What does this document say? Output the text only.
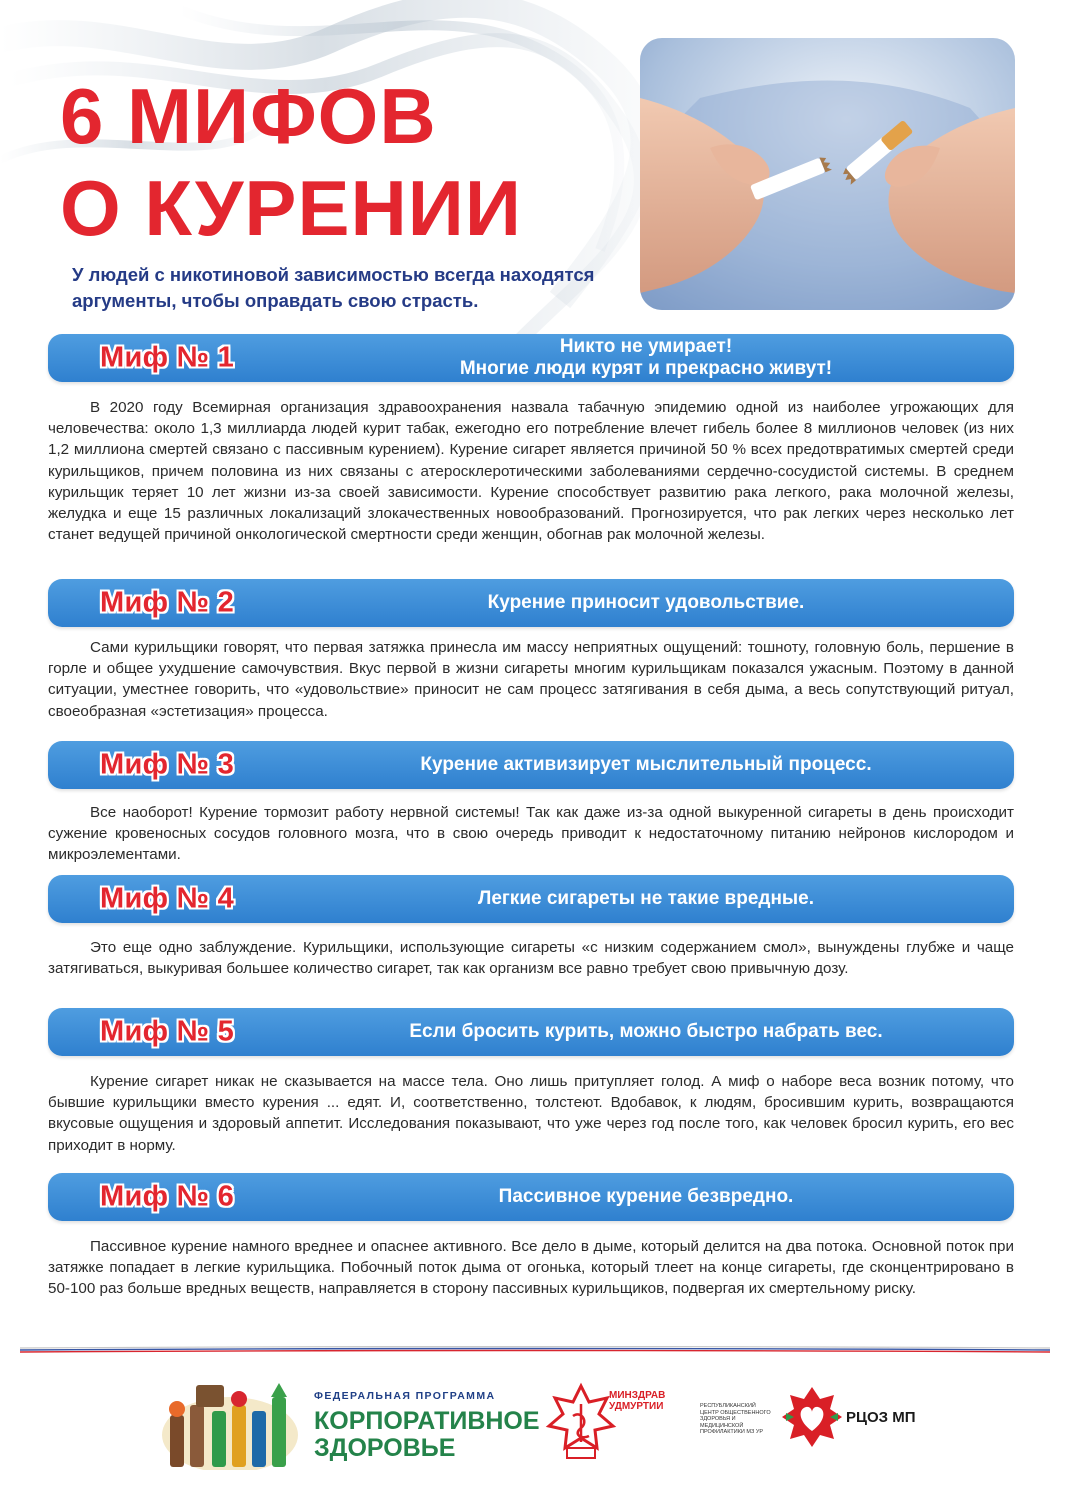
6 МИФОВ
О КУРЕНИИ
У людей с никотиновой зависимостью всегда находятся аргументы, чтобы оправдать свою страсть.
Миф № 1	Никто не умирает!
Многие люди курят и прекрасно живут!
В 2020 году Всемирная организация здравоохранения назвала табачную эпидемию одной из наиболее угрожающих для человечества: около 1,3 миллиарда людей курит табак, ежегодно его потребление влечет гибель более 8 миллионов человек (из них 1,2 миллиона смертей связано с пассивным курением). Курение сигарет является причиной 50 % всех предотвратимых смертей среди курильщиков, причем половина из них связаны с атеросклеротическими заболеваниями сердечно-сосудистой системы. В среднем курильщик теряет 10 лет жизни из-за своей зависимости. Курение способствует развитию рака легкого, рака молочной железы, желудка и еще 15 различных локализаций злокачественных новообразований. Прогнозируется, что рак легких через несколько лет станет ведущей причиной онкологической смертности среди женщин, обогнав рак молочной железы.
Миф № 2	Курение приносит удовольствие.
Сами курильщики говорят, что первая затяжка принесла им массу неприятных ощущений: тошноту, головную боль, першение в горле и общее ухудшение самочувствия. Вкус первой в жизни сигареты многим курильщикам показался ужасным. Поэтому в данной ситуации, уместнее говорить, что «удовольствие» приносит не сам процесс затягивания в себя дыма, а весь сопутствующий ритуал, своеобразная «эстетизация» процесса.
Миф № 3	Курение активизирует мыслительный процесс.
Все наоборот! Курение тормозит работу нервной системы! Так как даже из-за одной выкуренной сигареты в день происходит сужение кровеносных сосудов головного мозга, что в свою очередь приводит к недостаточному питанию нейронов кислородом и микроэлементами.
Миф № 4	Легкие сигареты не такие вредные.
Это еще одно заблуждение. Курильщики, использующие сигареты «с низким содержанием смол», вынуждены глубже и чаще затягиваться, выкуривая большее количество сигарет, так как организм все равно требует свою привычную дозу.
Миф № 5	Если бросить курить, можно быстро набрать вес.
Курение сигарет никак не сказывается на массе тела. Оно лишь притупляет голод. А миф о наборе веса возник потому, что бывшие курильщики вместо курения ... едят. И, соответственно, толстеют. Вдобавок, к людям, бросившим курить, возвращаются вкусовые ощущения и здоровый аппетит. Исследования показывают, что уже через год после того, как человек бросил курить, его вес приходит в норму.
Миф № 6	Пассивное курение безвредно.
Пассивное курение намного вреднее и опаснее активного. Все дело в дыме, который делится на два потока. Основной поток при затяжке попадает в легкие курильщика. Побочный поток дыма от огонька, который тлеет на конце сигареты, где сконцентрировано в 50-100 раз больше вредных веществ, направляется в сторону пассивных курильщиков, подвергая их смертельному риску.
ФЕДЕРАЛЬНАЯ ПРОГРАММА
КОРПОРАТИВНОЕ
ЗДОРОВЬЕ
МИНЗДРАВ
УДМУРТИИ	РЕСПУБЛИКАНСКИЙ ЦЕНТР ОБЩЕСТВЕННОГО ЗДОРОВЬЯ И МЕДИЦИНСКОЙ ПРОФИЛАКТИКИ МЗ УР
РЦОЗ МП
